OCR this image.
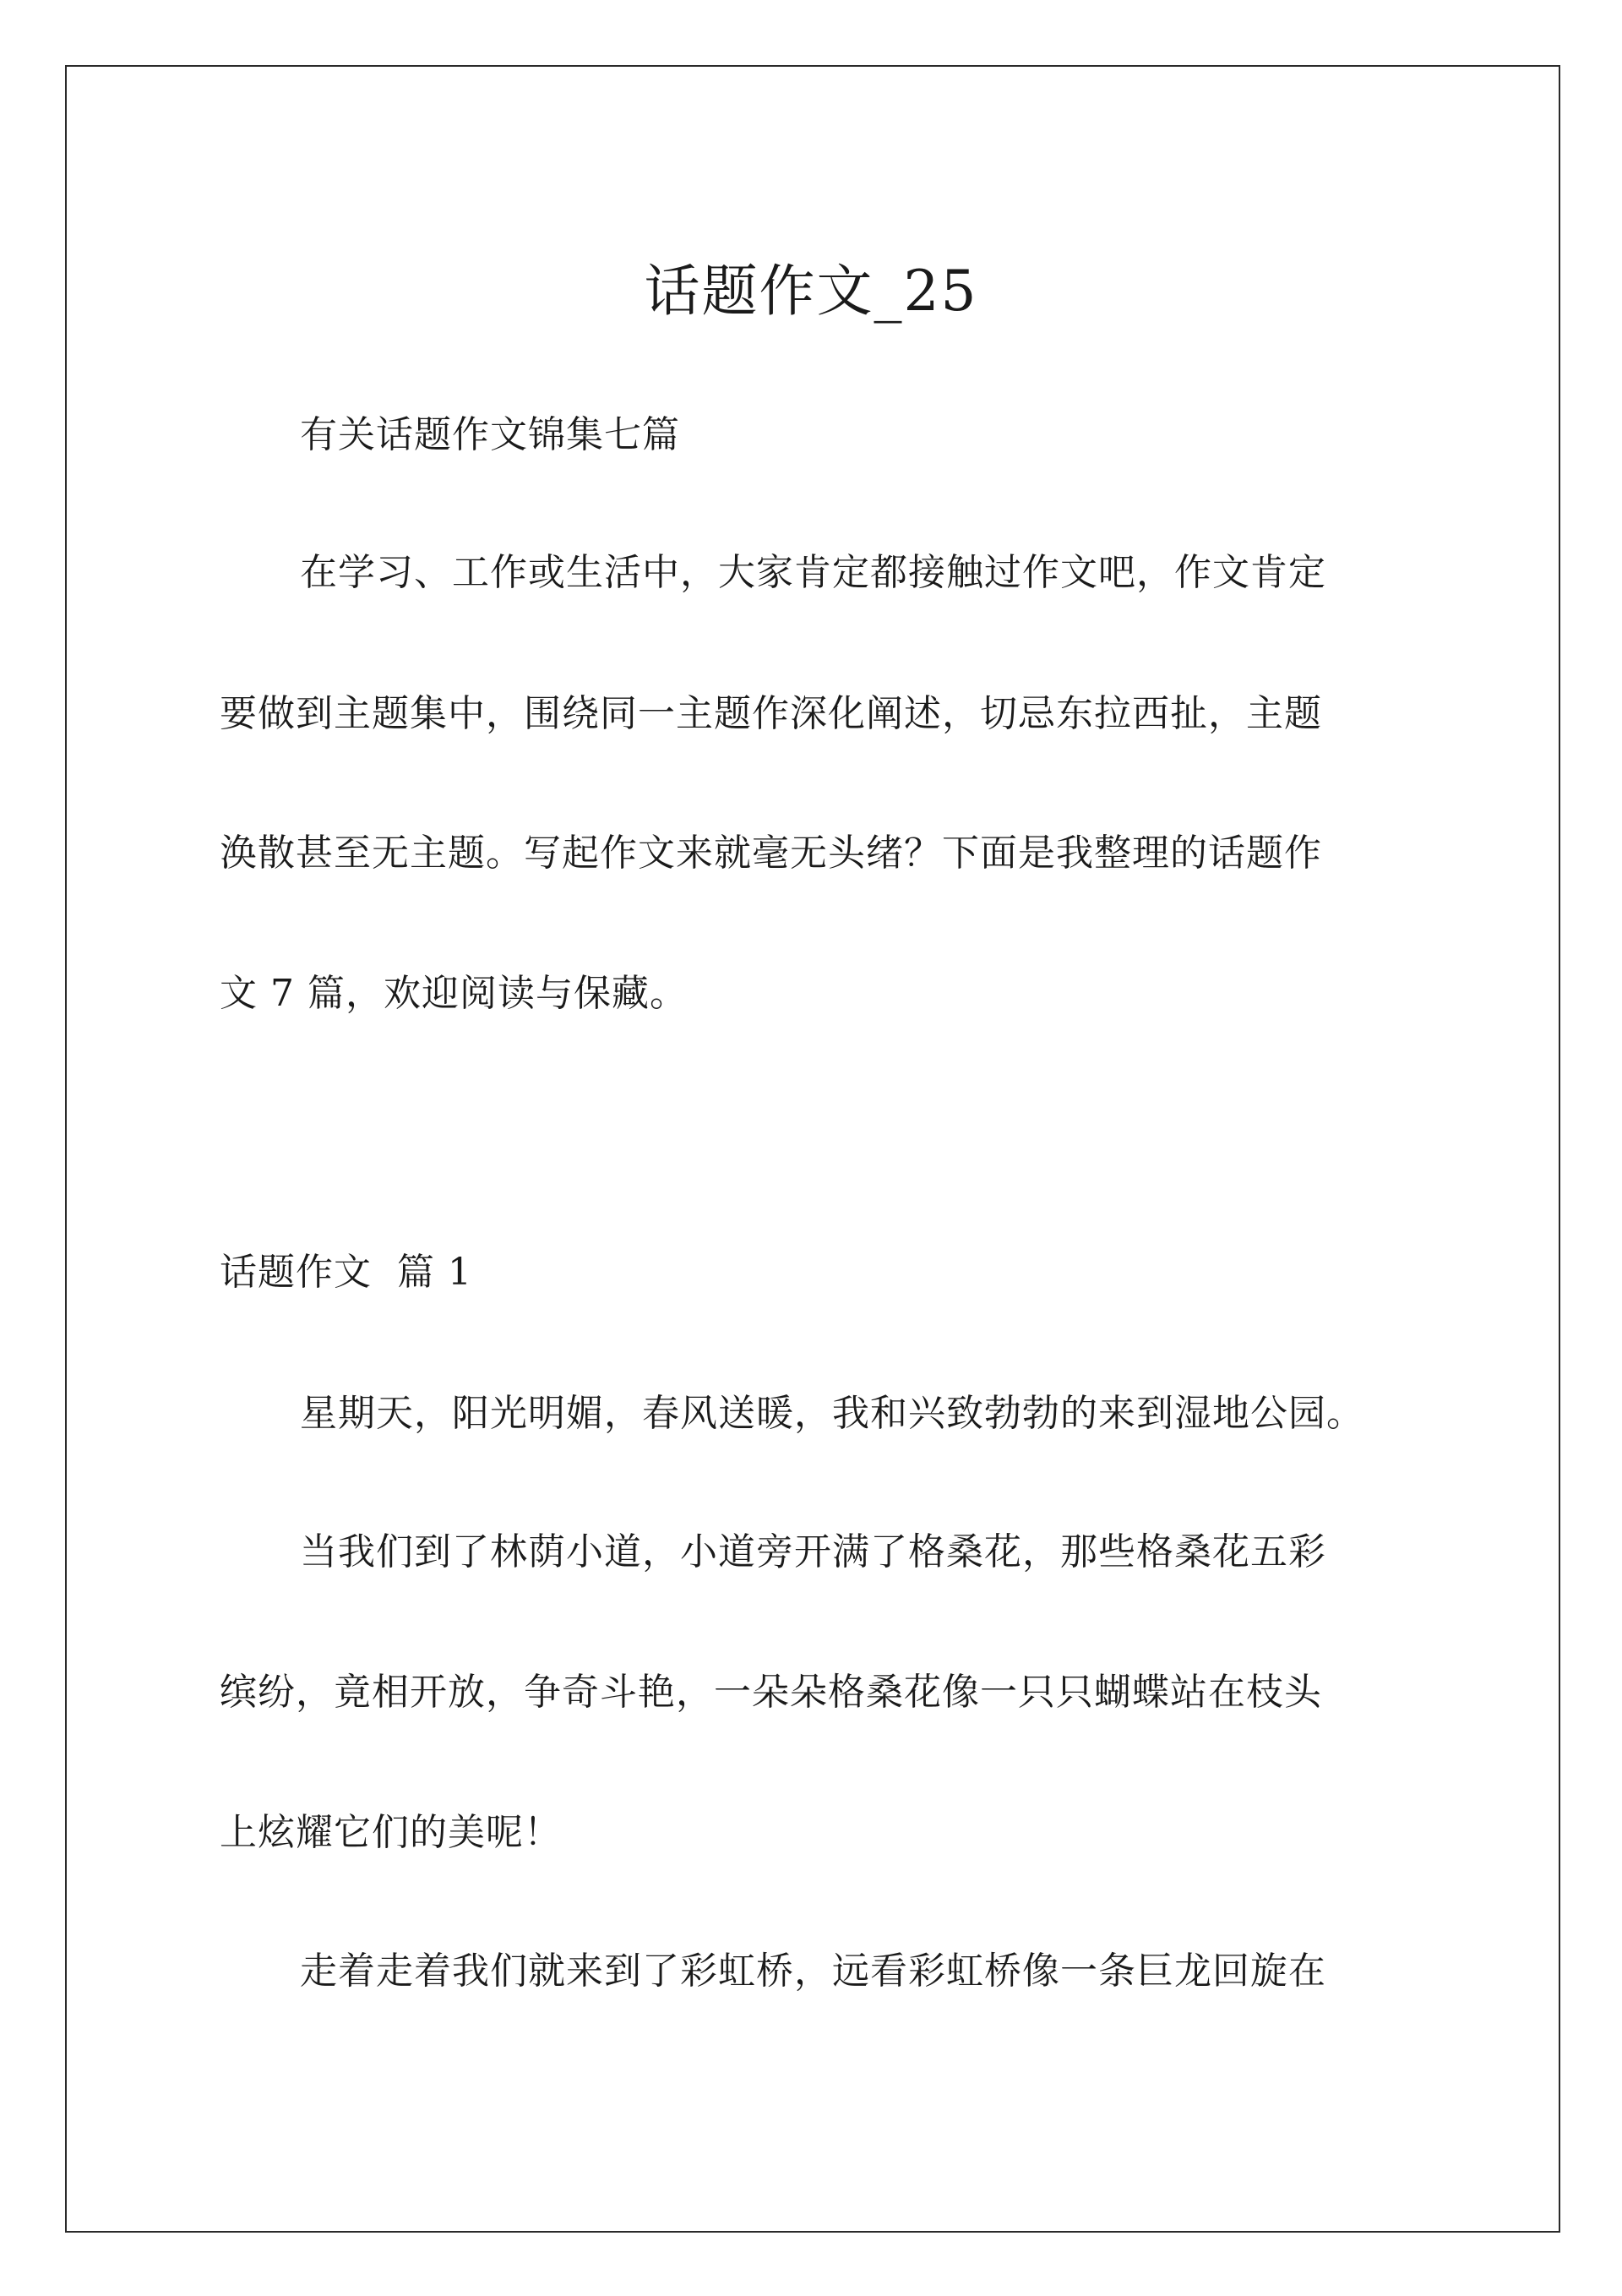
话题作文_25

有关话题作文锦集七篇

在学习、工作或生活中，大家肯定都接触过作文吧，作文肯定

要做到主题集中，围绕同一主题作深化阐述，切忌东拉西扯，主题

涣散甚至无主题。写起作文来就毫无头绪？下面是我整理的话题作

文 7 篇，欢迎阅读与保藏。

话题作文  篇 1

星期天，阳光明媚，春风送暖，我和兴致勃勃的来到湿地公园。

当我们到了林荫小道，小道旁开满了格桑花，那些格桑花五彩

缤纷，竟相开放，争奇斗艳，一朵朵格桑花像一只只蝴蝶站在枝头

上炫耀它们的美呢！

走着走着我们就来到了彩虹桥，远看彩虹桥像一条巨龙回旋在
